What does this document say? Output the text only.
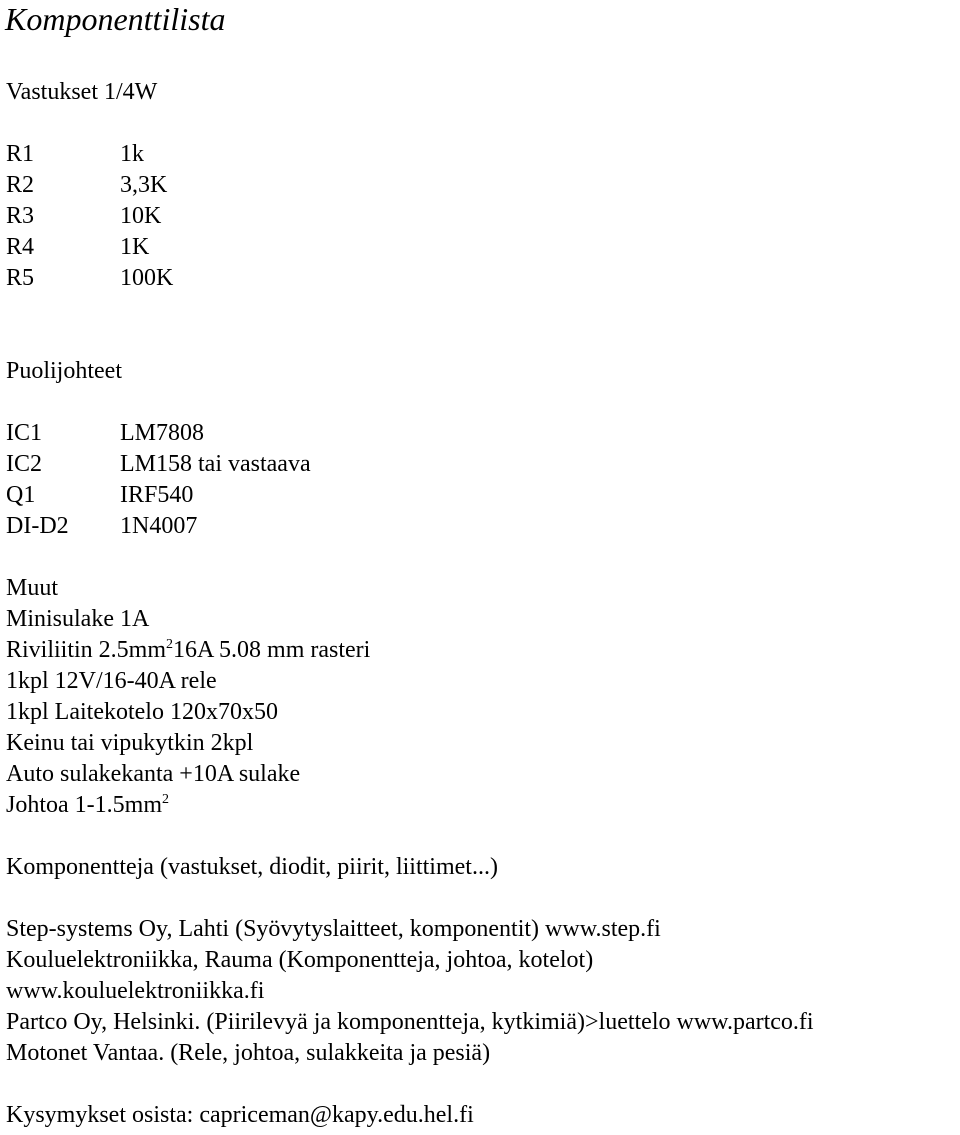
Komponenttilista
Vastukset 1/4W
R1	1k
R2	3,3K
R3	10K
R4	1K
R5	100K
Puolijohteet
IC1	LM7808
IC2	LM158 tai vastaava
Q1	IRF540
DI-D2 1N4007
Muut
Minisulake 1A
Riviliitin $2.5mm^216A$ 5.08 mm rasteri
1kpl 12V/16-40A rele
1kpl Laitekotelo 120x70x50
Keinu tai vipukytkin 2kpl
Auto sulakekanta +10A sulake
Johtoa $1-1.5mm^2$
Komponentteja (vastukset, diodit, piirit, liittimet...)
Step-systems Oy, Lahti (Syövytyslaitteet, komponentit) www.step.fi
Kouluelektroniikka, Rauma (Komponentteja, johtoa, kotelot)
www.kouluelektroniikka.fi
Partco Oy, Helsinki. (Piirilevyä ja komponentteja, kytkimiä)>luettelo www.partco.fi
Motonet Vantaa. (Rele, johtoa, sulakkeita ja pesiä)
Kysymykset osista: capriceman@kapy.edu.hel.fi
